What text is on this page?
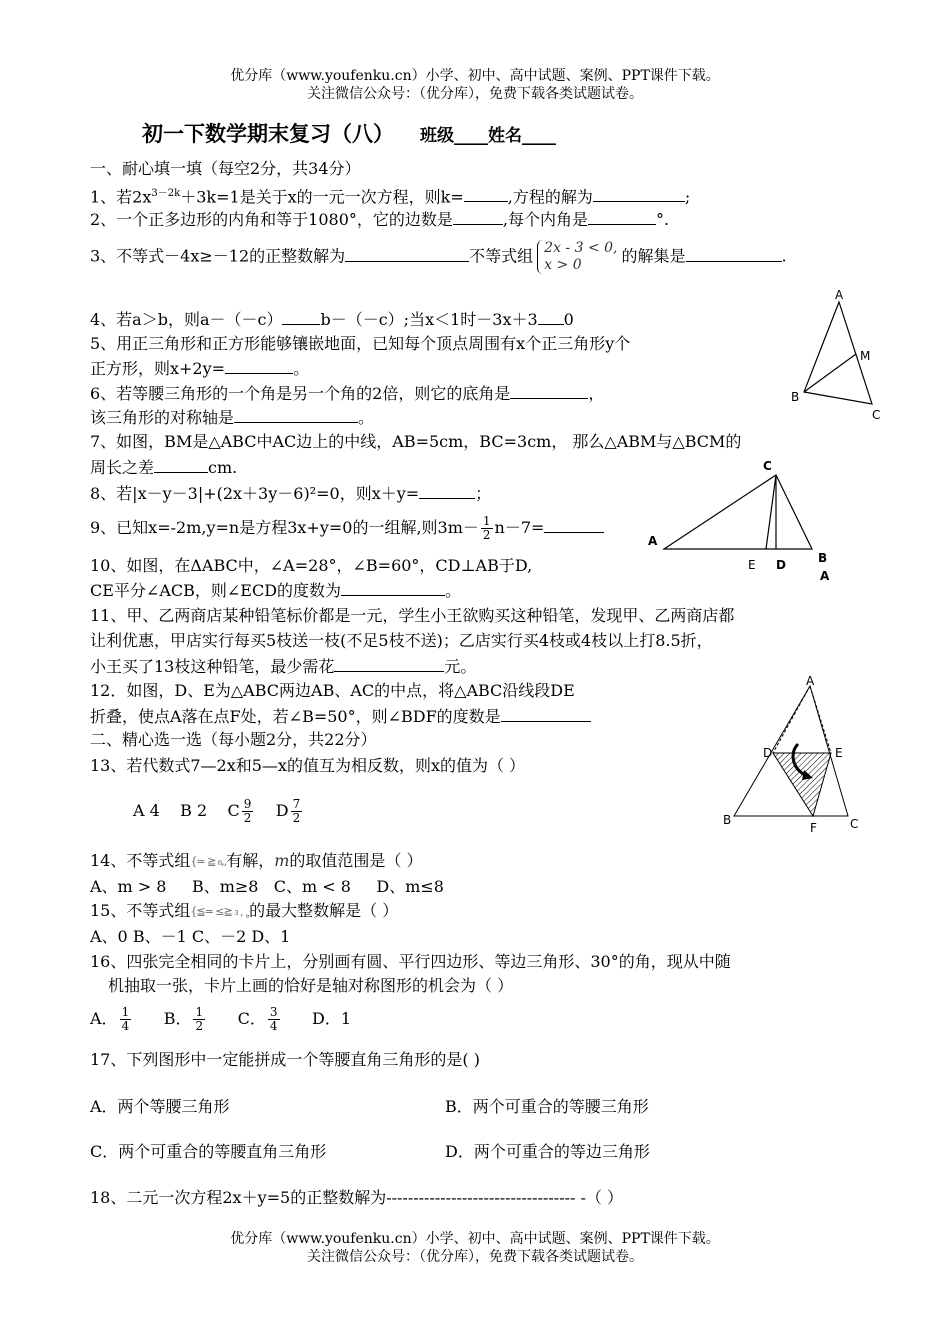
优分库（www.youfenku.cn）小学、初中、高中试题、案例、PPT课件下载。
关注微信公众号：（优分库），免费下载各类试题试卷。
优分库（www.youfenku.cn）小学、初中、高中试题、案例、PPT课件下载。
关注微信公众号：（优分库），免费下载各类试题试卷。
初一下数学期末复习（八） 班级____姓名____
一、耐心填一填（每空2分，共34分）
1、若$2x^{3-2k}+3k=1$是关于x的一元一次方程，则k=	,方程的解为	;
2、一个正多边形的内角和等于1080°，它的边数是	,每个内角是	°.
3、不等式－4x≥－12的正整数解为	不等式组 2x - 3 < 0,
x > 0	的解集是	.
4、若a＞b，则a－（－c） b－（－c）;当x＜1时－3x＋3 0
5、用正三角形和正方形能够镶嵌地面，已知每个顶点周围有x个正三角形y个
正方形，则x+2y=	。
6、若等腰三角形的一个角是另一个角的2倍，则它的底角是	，
该三角形的对称轴是	。
7、如图，BM是△ABC中AC边上的中线，AB=5cm，BC=3cm， 那么△ABM与△BCM的
周长之差	cm.
8、若|x－y－3|+(2x＋3y－6)²=0，则x＋y=	；
9、已知x=-2m,y=n是方程3x+y=0的一组解,则$3m- \frac{1}{2} n-7=$
10、如图，在ΔABC中，∠A=28°，∠B=60°，CD⊥AB于D,
CE平分∠ACB，则∠ECD的度数为	。
11、甲、乙两商店某种铅笔标价都是一元，学生小王欲购买这种铅笔，发现甲、乙两商店都
让利优惠，甲店实行每买5枝送一枝(不足5枝不送)；乙店实行买4枝或4枝以上打8.5折，
小王买了13枝这种铅笔，最少需花	元。
12．如图，D、E为△ABC两边AB、AC的中点，将△ABC沿线段DE
折叠，使点A落在点F处，若∠B=50°，则∠BDF的度数是
二、精心选一选（每小题2分，共22分）
13、若代数式7—2x和5—x的值互为相反数，则x的值为（ ）
A 4 B 2 C $\frac{9}{2}$ D $\frac{7}{2}$
14、不等式组{≃ ≧ ₈,,有解，m的取值范围是（ ）
A、m > 8 B、m≥8 C、m < 8 D、m≤8
15、不等式组{≦≃ ≤≧ ₃ ˌ ˳的最大整数解是（ ）
A、0 B、－1 C、－2 D、1
16、四张完全相同的卡片上，分别画有圆、平行四边形、等边三角形、30°的角，现从中随
机抽取一张，卡片上画的恰好是轴对称图形的机会为（ ）
A． $\frac{1}{4}$ B． $\frac{1}{2}$ C． $\frac{3}{4}$ D．1
17、下列图形中一定能拼成一个等腰直角三角形的是( )
A．两个等腰三角形	B．两个可重合的等腰三角形
C．两个可重合的等腰直角三角形	D．两个可重合的等边三角形
18、二元一次方程2x＋y=5的正整数解为----------------------------------- -（ ）
A
M
B
C
C
A
E D	B
A
A
D	E
B
F	C
